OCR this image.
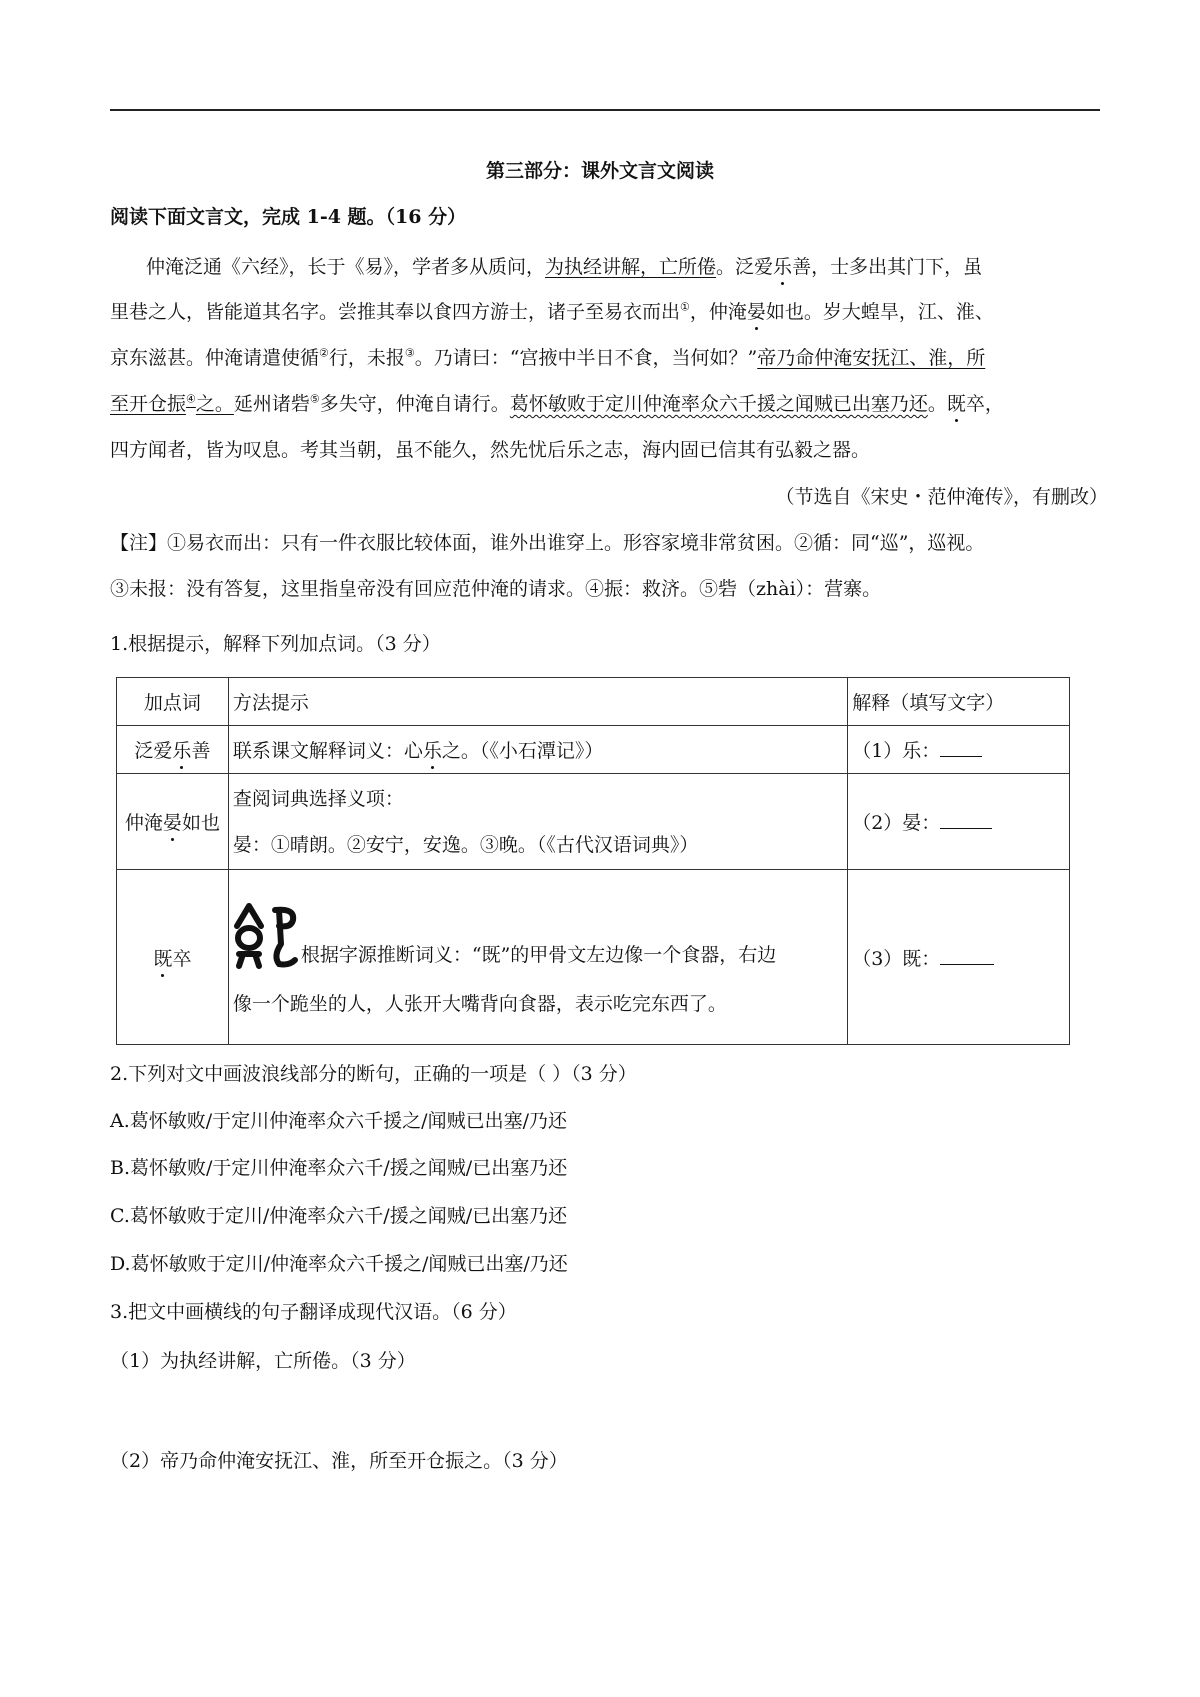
第三部分：课外文言文阅读
阅读下面文言文，完成 1-4 题。（16 分）
仲淹泛通《六经》，长于《易》，学者多从质问，为执经讲解，亡所倦。泛爱乐善，士多出其门下，虽
里巷之人，皆能道其名字。尝推其奉以食四方游士，诸子至易衣而出①，仲淹晏如也。岁大蝗旱，江、淮、
京东滋甚。仲淹请遣使循②行，未报③。乃请曰：“宫掖中半日不食，当何如？”帝乃命仲淹安抚江、淮，所
至开仓振④之。延州诸砦⑤多失守，仲淹自请行。葛怀敏败于定川仲淹率众六千援之闻贼已出塞乃还。既卒，
四方闻者，皆为叹息。考其当朝，虽不能久，然先忧后乐之志，海内固已信其有弘毅之器。
（节选自《宋史・范仲淹传》，有删改）
【注】①易衣而出：只有一件衣服比较体面，谁外出谁穿上。形容家境非常贫困。②循：同“巡”，巡视。
③未报：没有答复，这里指皇帝没有回应范仲淹的请求。④振：救济。⑤砦（zhài）：营寨。
1.根据提示，解释下列加点词。（3 分）
加点词	方法提示	解释（填写文字）
泛爱乐善	联系课文解释词义：心乐之。（《小石潭记》）	（1）乐：
仲淹晏如也	查阅词典选择义项：
晏：①晴朗。②安宁，安逸。③晚。（《古代汉语词典》）	（2）晏：
既卒	根据字源推断词义：“既”的甲骨文左边像一个食器，右边
像一个跪坐的人，人张开大嘴背向食器，表示吃完东西了。	（3）既：
2.下列对文中画波浪线部分的断句，正确的一项是（ ）（3 分）
A.葛怀敏败/于定川仲淹率众六千援之/闻贼已出塞/乃还
B.葛怀敏败/于定川仲淹率众六千/援之闻贼/已出塞乃还
C.葛怀敏败于定川/仲淹率众六千/援之闻贼/已出塞乃还
D.葛怀敏败于定川/仲淹率众六千援之/闻贼已出塞/乃还
3.把文中画横线的句子翻译成现代汉语。（6 分）
（1）为执经讲解，亡所倦。（3 分）
（2）帝乃命仲淹安抚江、淮，所至开仓振之。（3 分）
